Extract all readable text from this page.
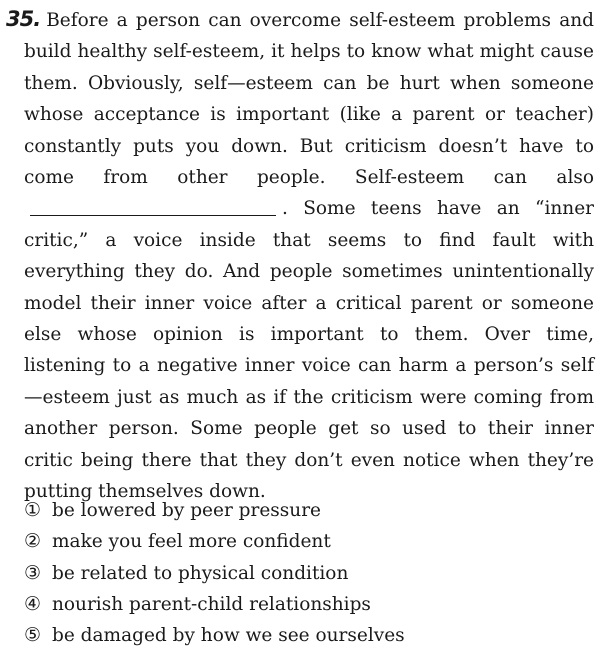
35. Before a person can overcome self-esteem problems and build healthy self-esteem, it helps to know what might cause them. Obviously, self—esteem can be hurt when someone whose acceptance is important (like a parent or teacher) constantly puts you down. But criticism doesn’t have to come from other people. Self-esteem can also. Some teens have an “inner critic,” a voice inside that seems to find fault with everything they do. And people sometimes unintentionally model their inner voice after a critical parent or someone else whose opinion is important to them. Over time, listening to a negative inner voice can harm a person’s self—esteem just as much as if the criticism were coming from another person. Some people get so used to their inner critic being there that they don’t even notice when they’re putting themselves down.

① be lowered by peer pressure
② make you feel more confident
③ be related to physical condition
④ nourish parent-child relationships
⑤ be damaged by how we see ourselves
